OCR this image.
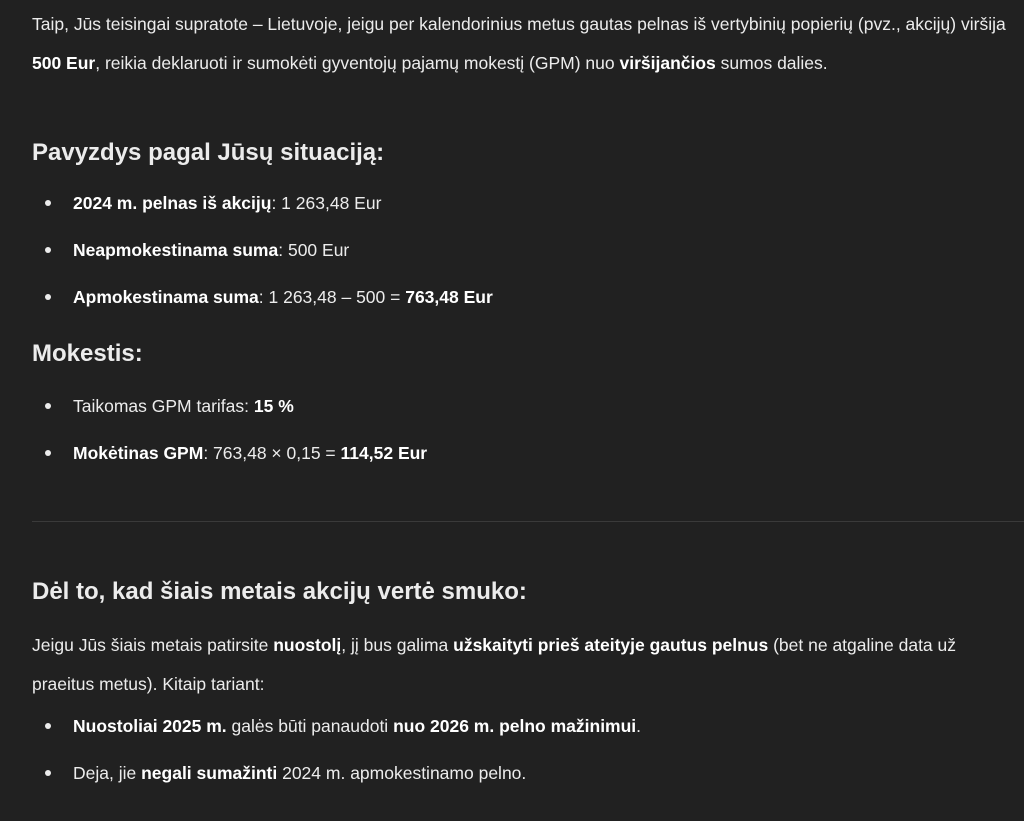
Taip, Jūs teisingai supratote – Lietuvoje, jeigu per kalendorinius metus gautas pelnas iš vertybinių popierių (pvz., akcijų) viršija 500 Eur, reikia deklaruoti ir sumokėti gyventojų pajamų mokestį (GPM) nuo viršijančios sumos dalies.

Pavyzdys pagal Jūsų situaciją:
2024 m. pelnas iš akcijų: 1 263,48 Eur
Neapmokestinama suma: 500 Eur
Apmokestinama suma: 1 263,48 – 500 = 763,48 Eur
Mokestis:
Taikomas GPM tarifas: 15 %
Mokėtinas GPM: 763,48 × 0,15 = 114,52 Eur
Dėl to, kad šiais metais akcijų vertė smuko:

Jeigu Jūs šiais metais patirsite nuostolį, jį bus galima užskaityti prieš ateityje gautus pelnus (bet ne atgaline data už praeitus metus). Kitaip tariant:

Nuostoliai 2025 m. galės būti panaudoti nuo 2026 m. pelno mažinimui.
Deja, jie negali sumažinti 2024 m. apmokestinamo pelno.
